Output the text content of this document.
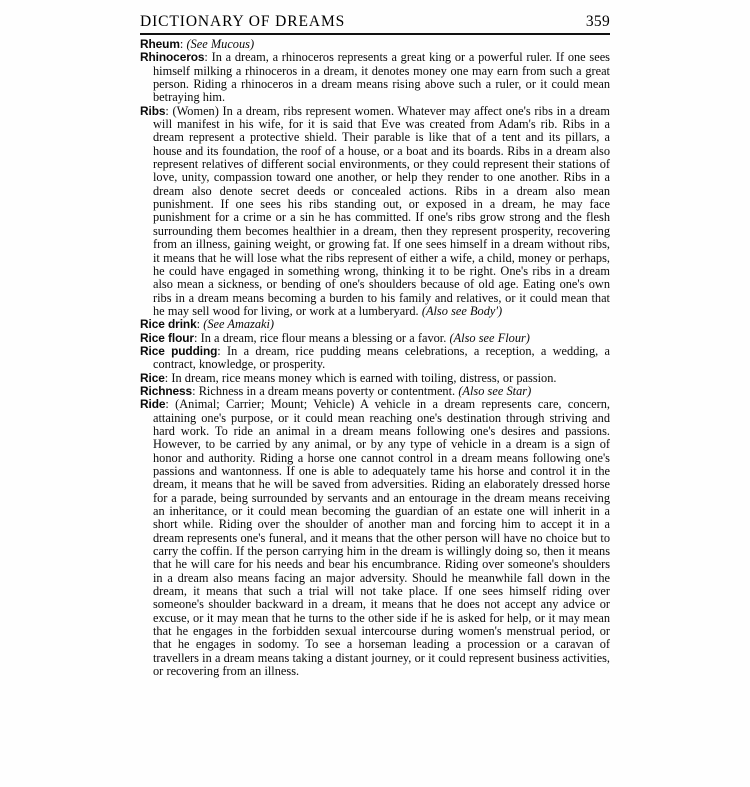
DICTIONARY OF DREAMS	359

Rheum: (See Mucous)

Rhinoceros: In a dream, a rhinoceros represents a great king or a powerful ruler. If one sees himself milking a rhinoceros in a dream, it denotes money one may earn from such a great person. Riding a rhinoceros in a dream means rising above such a ruler, or it could mean betraying him.

Ribs: (Women) In a dream, ribs represent women. Whatever may affect one's ribs in a dream will manifest in his wife, for it is said that Eve was created from Adam's rib. Ribs in a dream represent a protective shield. Their parable is like that of a tent and its pillars, a house and its foundation, the roof of a house, or a boat and its boards. Ribs in a dream also represent relatives of different social environments, or they could represent their stations of love, unity, compassion toward one another, or help they render to one another. Ribs in a dream also denote secret deeds or concealed actions. Ribs in a dream also mean punishment. If one sees his ribs standing out, or exposed in a dream, he may face punishment for a crime or a sin he has committed. If one's ribs grow strong and the flesh surrounding them becomes healthier in a dream, then they represent prosperity, recovering from an illness, gaining weight, or growing fat. If one sees himself in a dream without ribs, it means that he will lose what the ribs represent of either a wife, a child, money or perhaps, he could have engaged in something wrong, thinking it to be right. One's ribs in a dream also mean a sickness, or bending of one's shoulders because of old age. Eating one's own ribs in a dream means becoming a burden to his family and relatives, or it could mean that he may sell wood for living, or work at a lumberyard. (Also see Body')

Rice drink: (See Amazaki)

Rice flour: In a dream, rice flour means a blessing or a favor. (Also see Flour)

Rice pudding: In a dream, rice pudding means celebrations, a reception, a wedding, a contract, knowledge, or prosperity.

Rice: In dream, rice means money which is earned with toiling, distress, or passion.

Richness: Richness in a dream means poverty or contentment. (Also see Star)

Ride: (Animal; Carrier; Mount; Vehicle) A vehicle in a dream represents care, concern, attaining one's purpose, or it could mean reaching one's destination through striving and hard work. To ride an animal in a dream means following one's desires and passions. However, to be carried by any animal, or by any type of vehicle in a dream is a sign of honor and authority. Riding a horse one cannot control in a dream means following one's passions and wantonness. If one is able to adequately tame his horse and control it in the dream, it means that he will be saved from adversities. Riding an elaborately dressed horse for a parade, being surrounded by servants and an entourage in the dream means receiving an inheritance, or it could mean becoming the guardian of an estate one will inherit in a short while. Riding over the shoulder of another man and forcing him to accept it in a dream represents one's funeral, and it means that the other person will have no choice but to carry the coffin. If the person carrying him in the dream is willingly doing so, then it means that he will care for his needs and bear his encumbrance. Riding over someone's shoulders in a dream also means facing an major adversity. Should he meanwhile fall down in the dream, it means that such a trial will not take place. If one sees himself riding over someone's shoulder backward in a dream, it means that he does not accept any advice or excuse, or it may mean that he turns to the other side if he is asked for help, or it may mean that he engages in the forbidden sexual intercourse during women's menstrual period, or that he engages in sodomy. To see a horseman leading a procession or a caravan of travellers in a dream means taking a distant journey, or it could represent business activities, or recovering from an illness.
